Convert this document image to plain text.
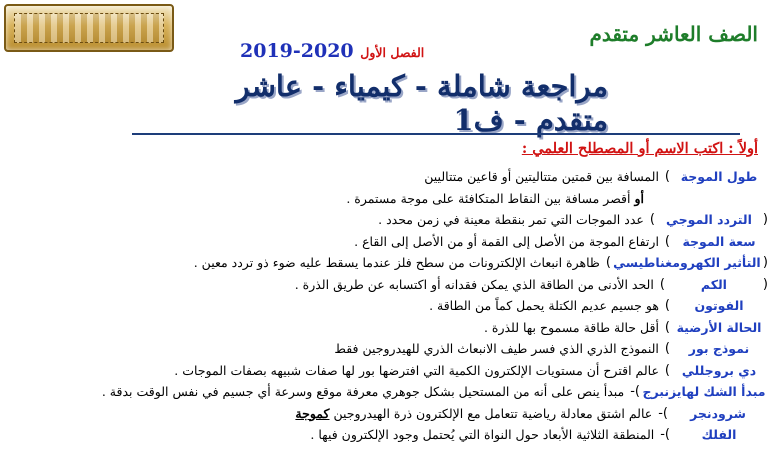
الصف العاشر متقدم
الفصل الأول 2019-2020
مراجعة شاملة - كيمياء - عاشر متقدم - ف1
أولاً : اكتب الاسم أو المصطلح العلمي :
طول الموجة
)
المسافة بين قمتين متتاليتين أو قاعين متتاليين
أوأقصر مسافة بين النقاط المتكافئة على موجة مستمرة .
(
التردد الموجي
)
عدد الموجات التي تمر بنقطة معينة في زمن محدد .
سعة الموجة
)
ارتفاع الموجة من الأصل إلى القمة أو من الأصل إلى القاع .
(
التأثير الكهرومغناطيسي
)
ظاهرة انبعاث الإلكترونات من سطح فلز عندما يسقط عليه ضوء ذو تردد معين .
(
الكم
)
الحد الأدنى من الطاقة الذي يمكن فقدانه أو اكتسابه عن طريق الذرة .
الفوتون
)
هو جسيم عديم الكتلة يحمل كماً من الطاقة .
الحالة الأرضية
)
أقل حالة طاقة مسموح بها للذرة .
نموذج بور
)
النموذج الذري الذي فسر طيف الانبعاث الذري للهيدروجين فقط
دي بروجللي
)
عالم اقترح أن مستويات الإلكترون الكمية التي افترضها بور لها صفات شبيهه بصفات الموجات .
مبدأ الشك لهايزنبرج
)-
مبدأ ينص على أنه من المستحيل بشكل جوهري معرفة موقع وسرعة أي جسيم في نفس الوقت بدقة .
شرودنجر
)-
عالم اشتق معادلة رياضية تتعامل مع الإلكترون ذرة الهيدروجين كموجة
الفلك
)-
المنطقة الثلاثية الأبعاد حول النواة التي يُحتمل وجود الإلكترون فيها .
